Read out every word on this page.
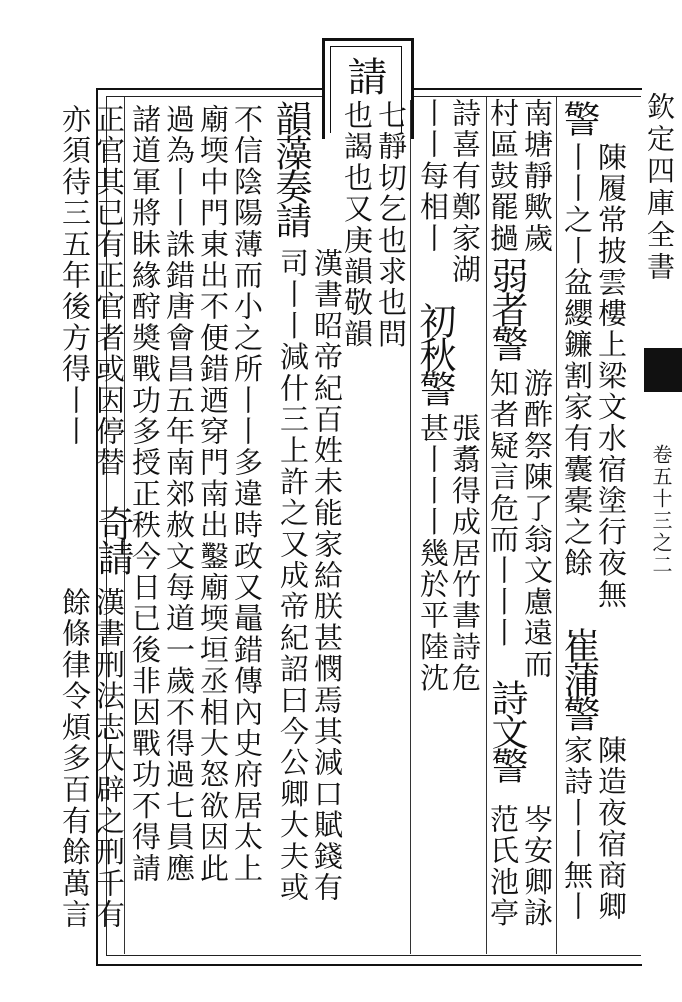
欽定四庫全書
卷五十三之二
請
警
陳履常披雲樓上梁文水宿塗行夜無
丨丨之丨盆纓鐮割家有囊橐之餘
崔蒲警
陳造夜宿商卿
家詩丨丨無丨
南塘靜歟歲
村區鼓罷撾
弱者警
游酢祭陳了翁文慮遠而
知者疑言危而丨丨丨
詩文警
岑安卿詠
范氏池亭
詩喜有鄭家湖
丨丨每相丨
初秋警
張翥得成居竹書詩危
甚丨丨丨幾於平陸沈
七靜切乞也求也問
也謁也又庚韻敬韻
韻藻奏請
漢書昭帝紀百姓未能家給朕甚憫焉其減口賦錢有
司丨丨減什三上許之又成帝紀詔曰今公卿大夫或
不信陰陽薄而小之所丨丨多違時政又鼂錯傳內史府居太上
廟堧中門東出不便錯迺穿門南出鑿廟堧垣丞相大怒欲因此
過為丨丨誅錯唐會昌五年南郊赦文每道一歲不得過七員應
諸道軍將眛緣酧奬戰功多授正秩今日已後非因戰功不得請
正官其已有正官者或因停替
奇請
漢書刑法志大辟之刑千有
餘條律令煩多百有餘萬言
亦須待三五年後方得丨丨
